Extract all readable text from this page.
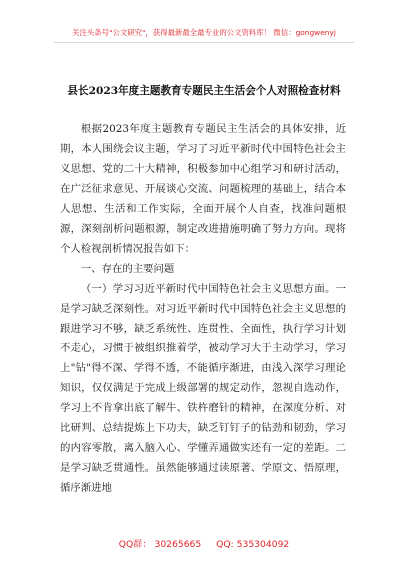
关注头条号"公文研究"，获得最新最全最专业的公文资料库！ 微信：gongwenyj
县长2023年度主题教育专题民主生活会个人对照检查材料

根据2023年度主题教育专题民主生活会的具体安排，近期，本人围绕会议主题，学习了习近平新时代中国特色社会主义思想、党的二十大精神，积极参加中心组学习和研讨活动，在广泛征求意见、开展谈心交流、问题梳理的基础上，结合本人思想、生活和工作实际，全面开展个人自查，找准问题根源，深刻剖析问题根源，制定改进措施明确了努力方向。现将个人检视剖析情况报告如下：

一、存在的主要问题

（一）学习习近平新时代中国特色社会主义思想方面。一是学习缺乏深刻性。对习近平新时代中国特色社会主义思想的跟进学习不够，缺乏系统性、连贯性、全面性，执行学习计划不走心，习惯于被组织推着学，被动学习大于主动学习，学习上"钻"得不深、学得不透，不能循序渐进，由浅入深学习理论知识，仅仅满足于完成上级部署的规定动作，忽视自选动作，学习上不肯拿出底了解牛、铁杵磨针的精神，在深度分析、对比研判、总结提炼上下功夫，缺乏钉钉子的钻劲和韧劲，学习的内容零散，离入脑入心、学懂弄通做实还有一定的差距。二是学习缺乏贯通性。虽然能够通过读原著、学原文、悟原理，循序渐进地

QQ群： 30265665 QQ: 535304092
